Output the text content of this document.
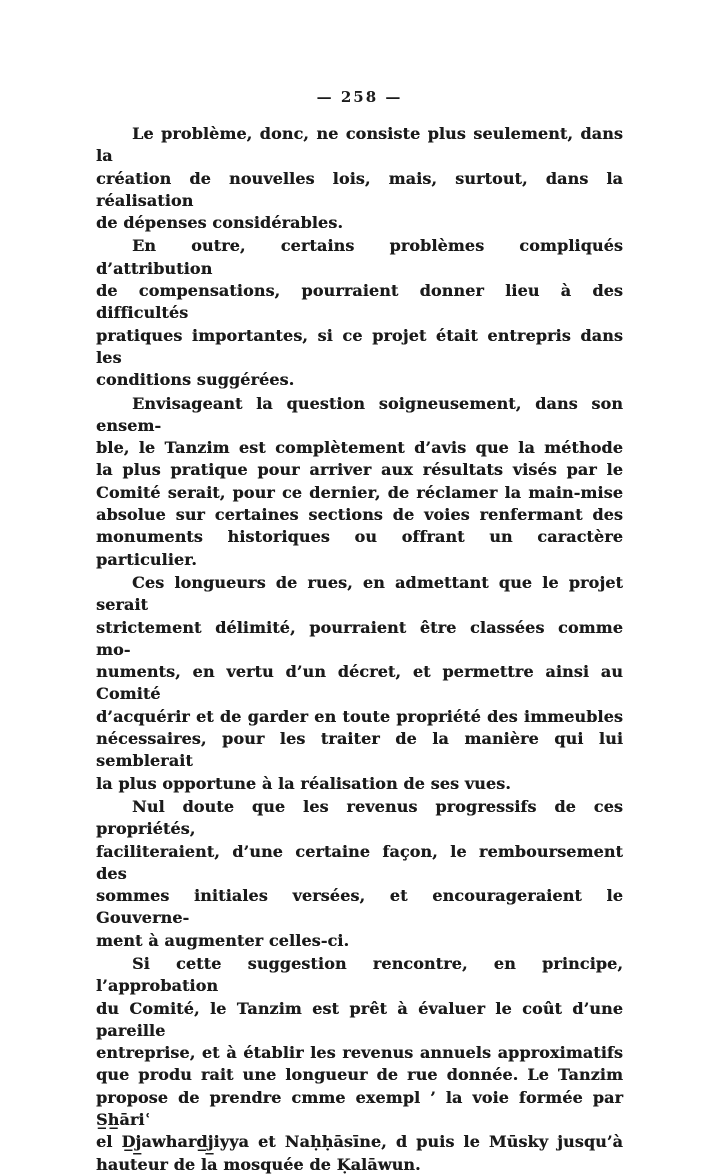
— 258 —

Le problème, donc, ne consiste plus seulement, dans la
création de nouvelles lois, mais, surtout, dans la réalisation
de dépenses considérables.

En outre, certains problèmes compliqués d’attribution
de compensations, pourraient donner lieu à des difficultés
pratiques importantes, si ce projet était entrepris dans les
conditions suggérées.

Envisageant la question soigneusement, dans son ensem-
ble, le Tanzim est complètement d’avis que la méthode
la plus pratique pour arriver aux résultats visés par le
Comité serait, pour ce dernier, de réclamer la main-mise
absolue sur certaines sections de voies renfermant des
monuments historiques ou offrant un caractère particulier.

Ces longueurs de rues, en admettant que le projet serait
strictement délimité, pourraient être classées comme mo-
numents, en vertu d’un décret, et permettre ainsi au Comité
d’acquérir et de garder en toute propriété des immeubles
nécessaires, pour les traiter de la manière qui lui semblerait
la plus opportune à la réalisation de ses vues.

Nul doute que les revenus progressifs de ces propriétés,
faciliteraient, d’une certaine façon, le remboursement des
sommes initiales versées, et encourageraient le Gouverne-
ment à augmenter celles-ci.

Si cette suggestion rencontre, en principe, l’approbation
du Comité, le Tanzim est prêt à évaluer le coût d’une pareille
entreprise, et à établir les revenus annuels approximatifs
que produ rait une longueur de rue donnée. Le Tanzim
propose de prendre cmme exempl ’ la voie formée par S̲h̲āriʿ
el D̲j̲awhard̲j̲iyya et Naḥḥāsīne, d puis le Mūsky jusqu’à
hauteur de la mosquée de Ḳalāwun.
